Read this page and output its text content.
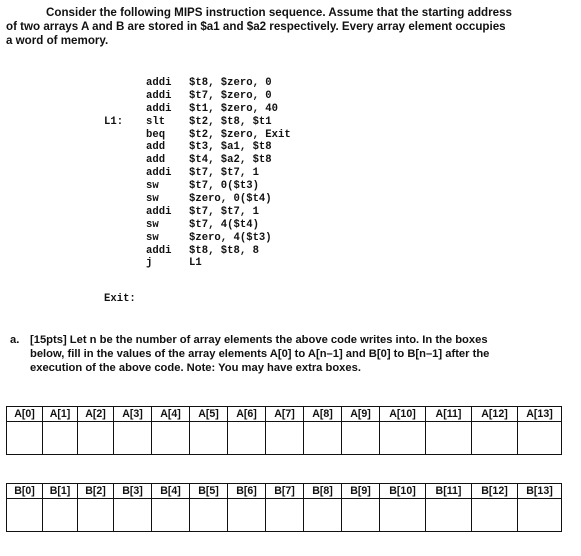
Consider the following MIPS instruction sequence. Assume that the starting address
of two arrays A and B are stored in $a1 and $a2 respectively. Every array element occupies
a word of memory.
addi $t8, $zero, 0
addi $t7, $zero, 0
addi $t1, $zero, 40
L1:	slt $t2, $t8, $t1
beq $t2, $zero, Exit
add $t3, $a1, $t8
add $t4, $a2, $t8
addi $t7, $t7, 1
sw	$t7, 0($t3)
sw	$zero, 0($t4)
addi $t7, $t7, 1
sw	$t7, 4($t4)
sw	$zero, 4($t3)
addi $t8, $t8, 8
j	L1
Exit:
a. [15pts] Let n be the number of array elements the above code writes into. In the boxes
below, fill in the values of the array elements A[0] to A[n–1] and B[0] to B[n–1] after the
execution of the above code. Note: You may have extra boxes.
A[0]	A[1]	A[2]	A[3]	A[4]	A[5]	A[6]	A[7]	A[8]	A[9]	A[10]	A[11]	A[12]	A[13]

B[0]	B[1]	B[2]	B[3]	B[4]	B[5]	B[6]	B[7]	B[8]	B[9]	B[10]	B[11]	B[12]	B[13]
